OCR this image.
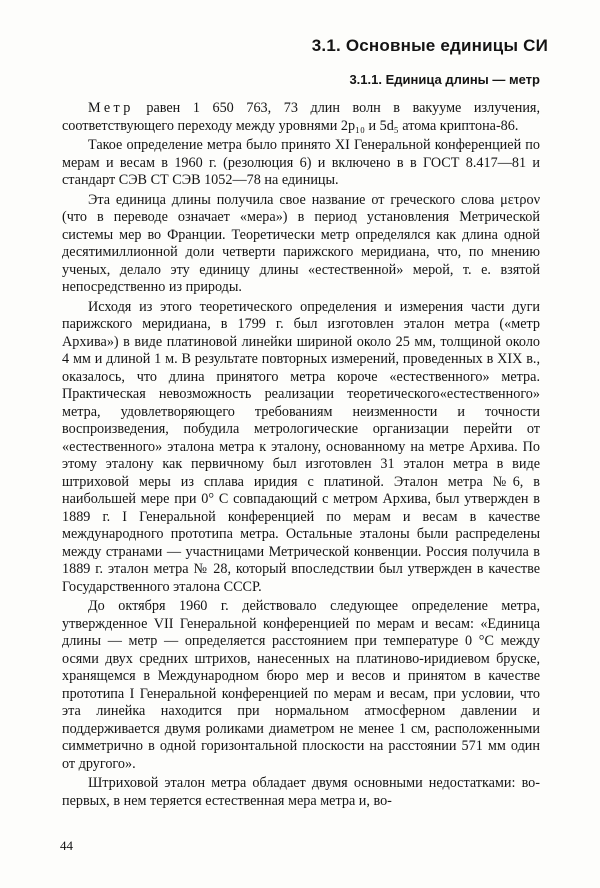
3.1. Основные единицы СИ
3.1.1. Единица длины — метр

Метр равен 1 650 763, 73 длин волн в вакууме излучения, соответствующего переходу между уровнями 2p₁₀ и 5d₅ атома криптона-86.

Такое определение метра было принято XI Генеральной конференцией по мерам и весам в 1960 г. (резолюция 6) и включено в в ГОСТ 8.417—81 и стандарт СЭВ СТ СЭВ 1052—78 на единицы.

Эта единица длины получила свое название от греческого слова μετρον (что в переводе означает «мера») в период установления Метрической системы мер во Франции. Теоретически метр определялся как длина одной десятимиллионной доли четверти парижского меридиана, что, по мнению ученых, делало эту единицу длины «естественной» мерой, т. е. взятой непосредственно из природы.

Исходя из этого теоретического определения и измерения части дуги парижского меридиана, в 1799 г. был изготовлен эталон метра («метр Архива») в виде платиновой линейки шириной около 25 мм, толщиной около 4 мм и длиной 1 м. В результате повторных измерений, проведенных в XIX в., оказалось, что длина принятого метра короче «естественного» метра. Практическая невозможность реализации теоретического«естественного» метра, удовлетворяющего требованиям неизменности и точности воспроизведения, побудила метрологические организации перейти от «естественного» эталона метра к эталону, основанному на метре Архива. По этому эталону как первичному был изготовлен 31 эталон метра в виде штриховой меры из сплава иридия с платиной. Эталон метра №6, в наибольшей мере при 0° С совпадающий с метром Архива, был утвержден в 1889 г. I Генеральной конференцией по мерам и весам в качестве международного прототипа метра. Остальные эталоны были распределены между странами — участницами Метрической конвенции. Россия получила в 1889 г. эталон метра № 28, который впоследствии был утвержден в качестве Государственного эталона СССР.

До октября 1960 г. действовало следующее определение метра, утвержденное VII Генеральной конференцией по мерам и весам: «Единица длины — метр — определяется расстоянием при температуре 0 °С между осями двух средних штрихов, нанесенных на платиново-иридиевом бруске, хранящемся в Международном бюро мер и весов и принятом в качестве прототипа I Генеральной конференцией по мерам и весам, при условии, что эта линейка находится при нормальном атмосферном давлении и поддерживается двумя роликами диаметром не менее 1 см, расположенными симметрично в одной горизонтальной плоскости на расстоянии 571 мм один от другого».

Штриховой эталон метра обладает двумя основными недостатками: во-первых, в нем теряется естественная мера метра и, во-

44
